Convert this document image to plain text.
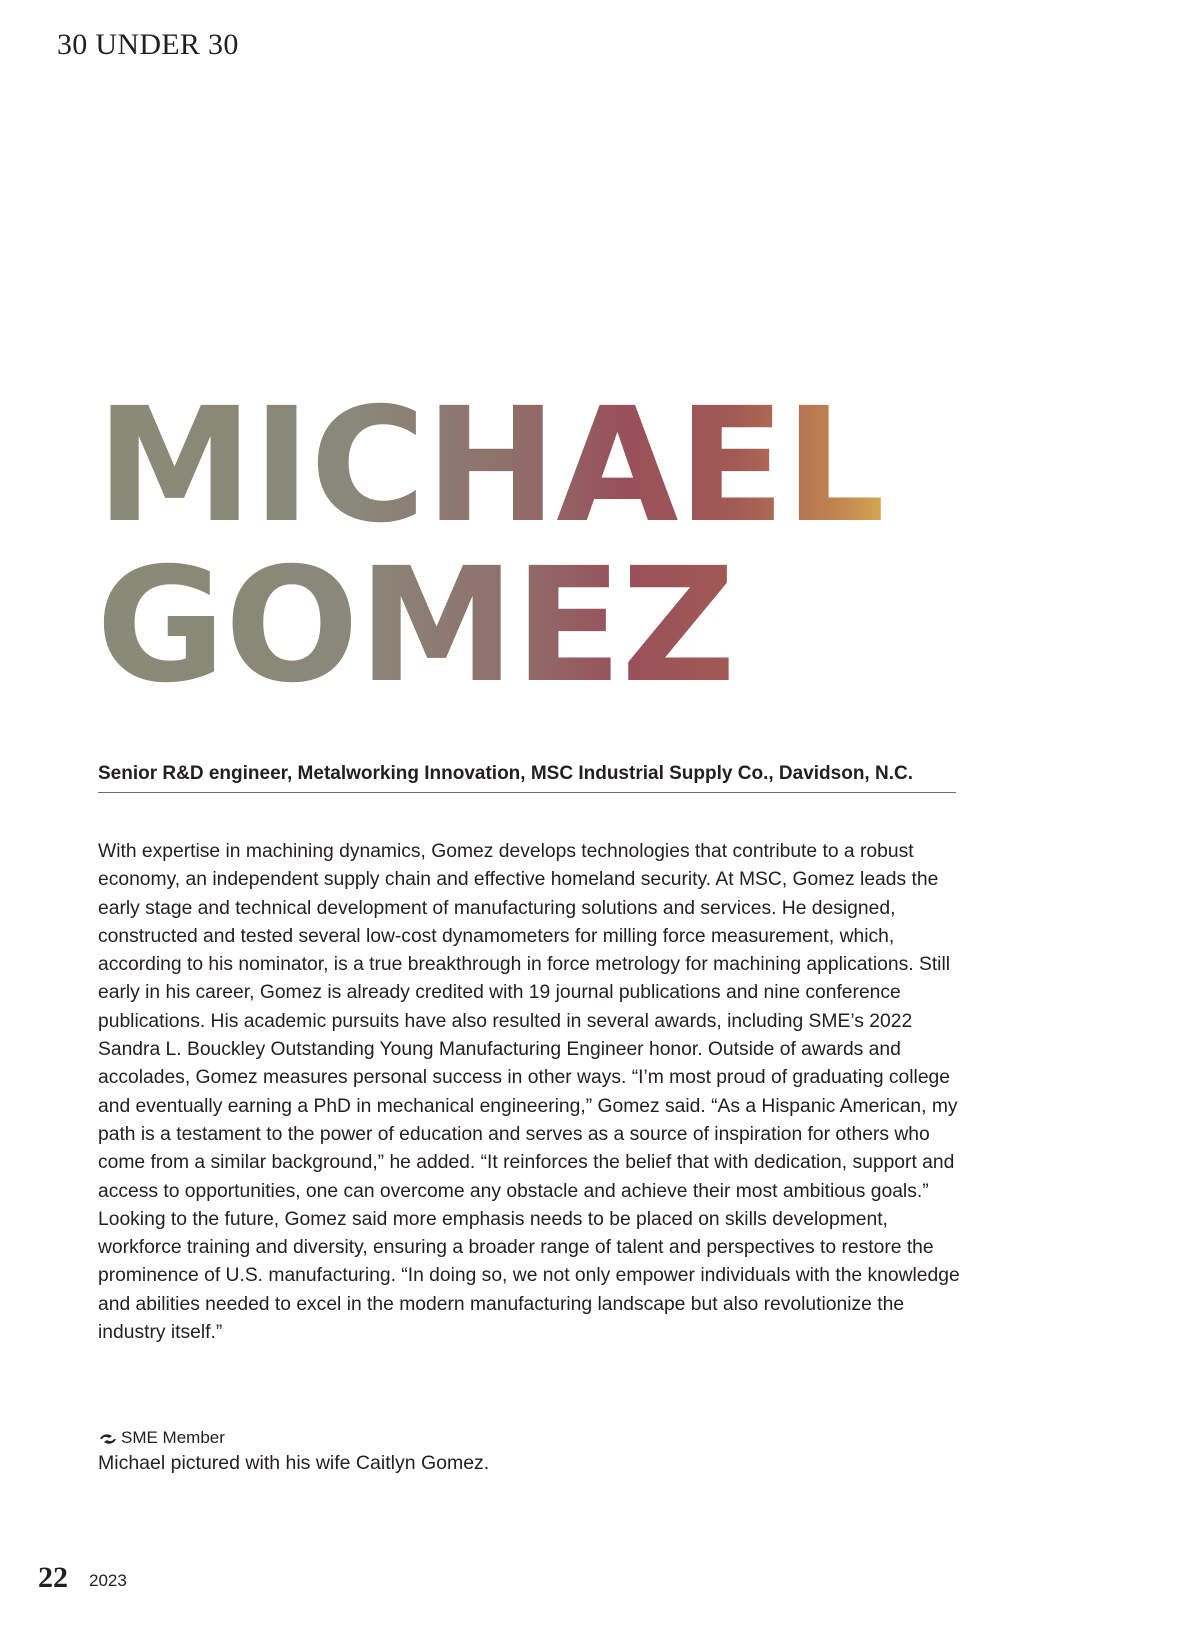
30 UNDER 30
MICHAEL
GOMEZ
Senior R&D engineer, Metalworking Innovation, MSC Industrial Supply Co., Davidson, N.C.

With expertise in machining dynamics, Gomez develops technologies that contribute to a robust economy, an independent supply chain and effective homeland security. At MSC, Gomez leads the early stage and technical development of manufacturing solutions and services. He designed, constructed and tested several low-cost dynamometers for milling force measurement, which, according to his nominator, is a true breakthrough in force metrology for machining applications. Still early in his career, Gomez is already credited with 19 journal publications and nine conference publications. His academic pursuits have also resulted in several awards, including SME’s 2022 Sandra L. Bouckley Outstanding Young Manufacturing Engineer honor. Outside of awards and accolades, Gomez measures personal success in other ways. “I’m most proud of graduating college and eventually earning a PhD in mechanical engineering,” Gomez said. “As a Hispanic American, my path is a testament to the power of education and serves as a source of inspiration for others who come from a similar background,” he added. “It reinforces the belief that with dedication, support and access to opportunities, one can overcome any obstacle and achieve their most ambitious goals.” Looking to the future, Gomez said more emphasis needs to be placed on skills development, workforce training and diversity, ensuring a broader range of talent and perspectives to restore the prominence of U.S. manufacturing. “In doing so, we not only empower individuals with the knowledge and abilities needed to excel in the modern manufacturing landscape but also revolutionize the industry itself.”

SME Member
Michael pictured with his wife Caitlyn Gomez.
22 2023
